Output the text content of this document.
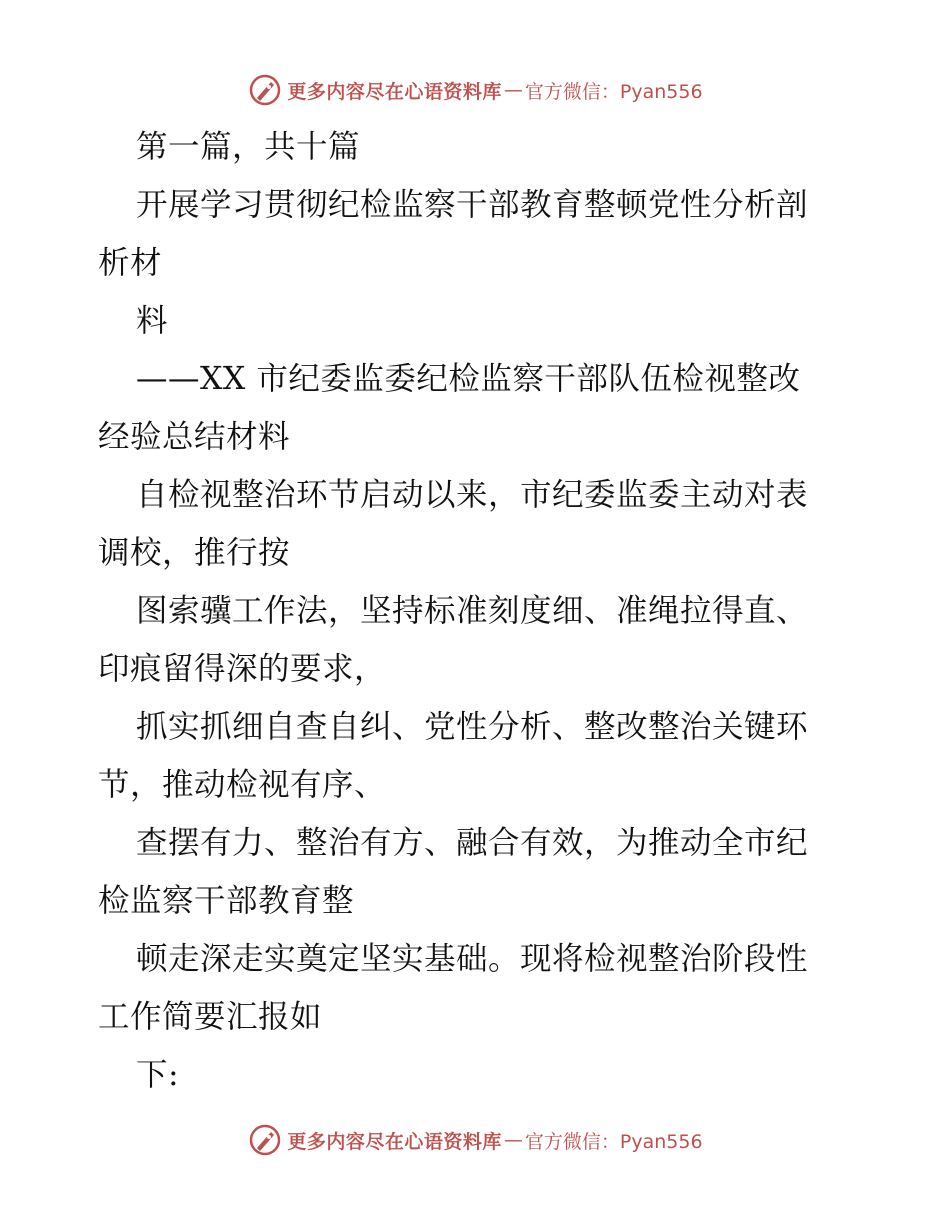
更多内容尽在心语资料库 — 官方微信：Pyan556
第一篇，共十篇
开展学习贯彻纪检监察干部教育整顿党性分析剖
析材
料
——XX 市纪委监委纪检监察干部队伍检视整改
经验总结材料
自检视整治环节启动以来，市纪委监委主动对表
调校，推行按
图索骥工作法，坚持标准刻度细、准绳拉得直、
印痕留得深的要求，
抓实抓细自查自纠、党性分析、整改整治关键环
节，推动检视有序、
查摆有力、整治有方、融合有效，为推动全市纪
检监察干部教育整
顿走深走实奠定坚实基础。现将检视整治阶段性
工作简要汇报如
下:
更多内容尽在心语资料库 — 官方微信：Pyan556
